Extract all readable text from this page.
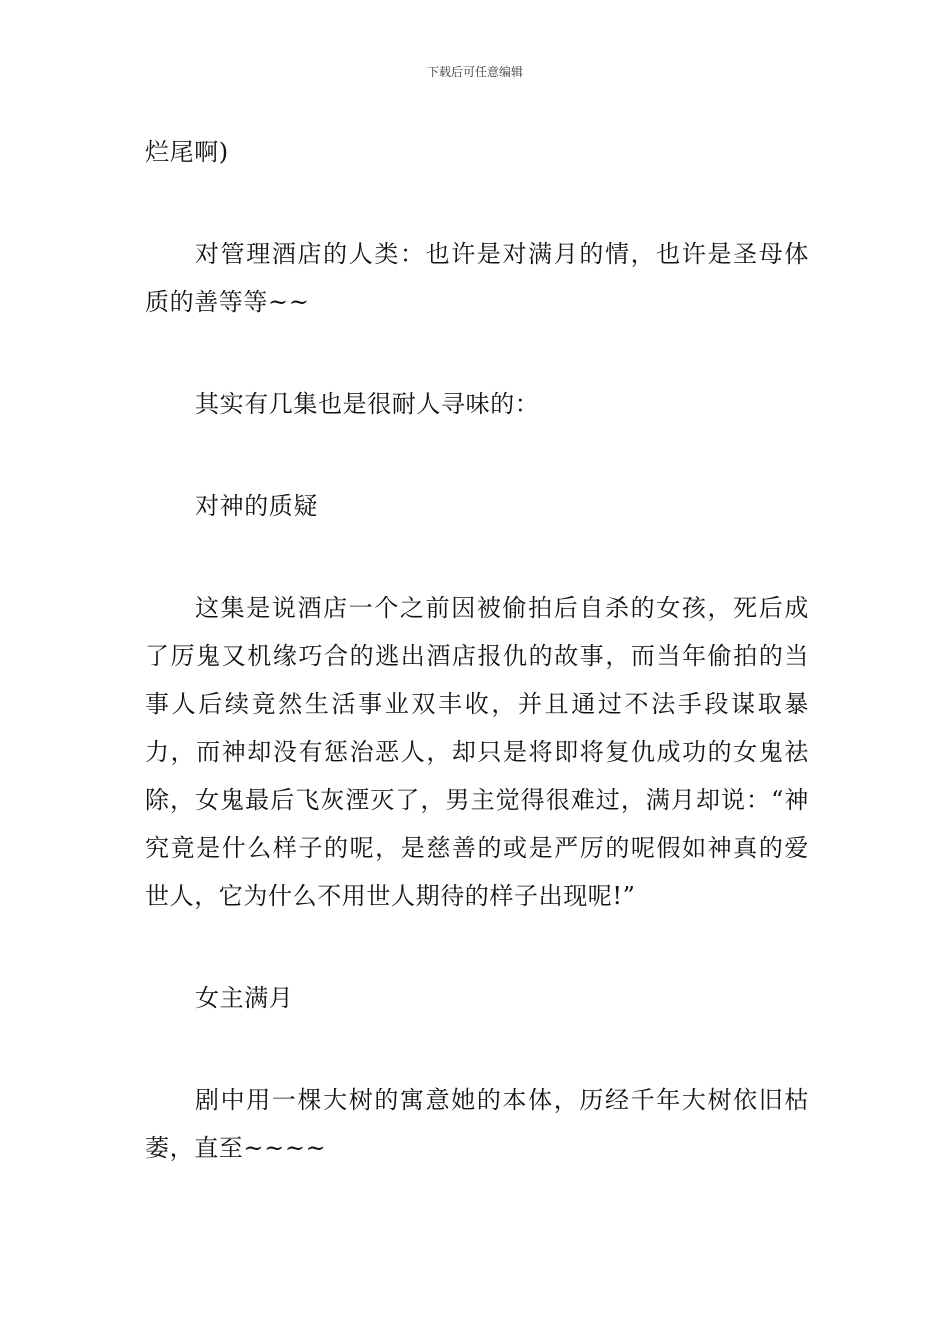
下载后可任意编辑

烂尾啊)

对管理酒店的人类：也许是对满月的情，也许是圣母体质的善等等~~

其实有几集也是很耐人寻味的：

对神的质疑

这集是说酒店一个之前因被偷拍后自杀的女孩，死后成了厉鬼又机缘巧合的逃出酒店报仇的故事，而当年偷拍的当事人后续竟然生活事业双丰收，并且通过不法手段谋取暴力，而神却没有惩治恶人，却只是将即将复仇成功的女鬼祛除，女鬼最后飞灰湮灭了，男主觉得很难过，满月却说：“神究竟是什么样子的呢，是慈善的或是严厉的呢假如神真的爱世人，它为什么不用世人期待的样子出现呢!”

女主满月

剧中用一棵大树的寓意她的本体，历经千年大树依旧枯萎，直至~~~~
